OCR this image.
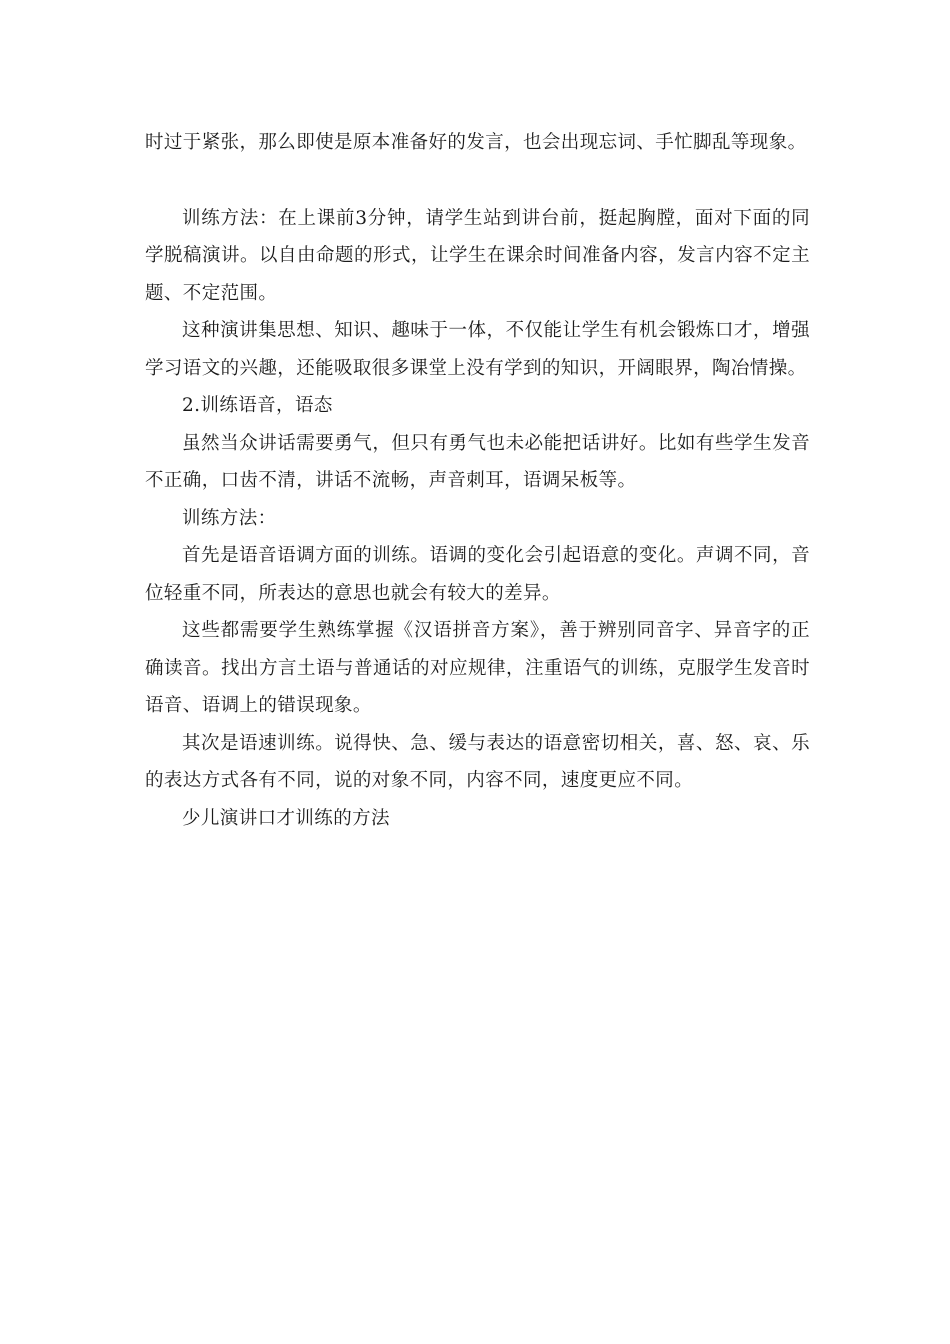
时过于紧张，那么即使是原本准备好的发言，也会出现忘词、手忙脚乱等现象。

训练方法：在上课前3分钟，请学生站到讲台前，挺起胸膛，面对下面的同学脱稿演讲。以自由命题的形式，让学生在课余时间准备内容，发言内容不定主题、不定范围。

这种演讲集思想、知识、趣味于一体，不仅能让学生有机会锻炼口才，增强学习语文的兴趣，还能吸取很多课堂上没有学到的知识，开阔眼界，陶冶情操。

2.训练语音，语态

虽然当众讲话需要勇气，但只有勇气也未必能把话讲好。比如有些学生发音不正确，口齿不清，讲话不流畅，声音刺耳，语调呆板等。

训练方法：

首先是语音语调方面的训练。语调的变化会引起语意的变化。声调不同，音位轻重不同，所表达的意思也就会有较大的差异。

这些都需要学生熟练掌握《汉语拼音方案》，善于辨别同音字、异音字的正确读音。找出方言土语与普通话的对应规律，注重语气的训练，克服学生发音时语音、语调上的错误现象。

其次是语速训练。说得快、急、缓与表达的语意密切相关，喜、怒、哀、乐的表达方式各有不同，说的对象不同，内容不同，速度更应不同。

少儿演讲口才训练的方法
